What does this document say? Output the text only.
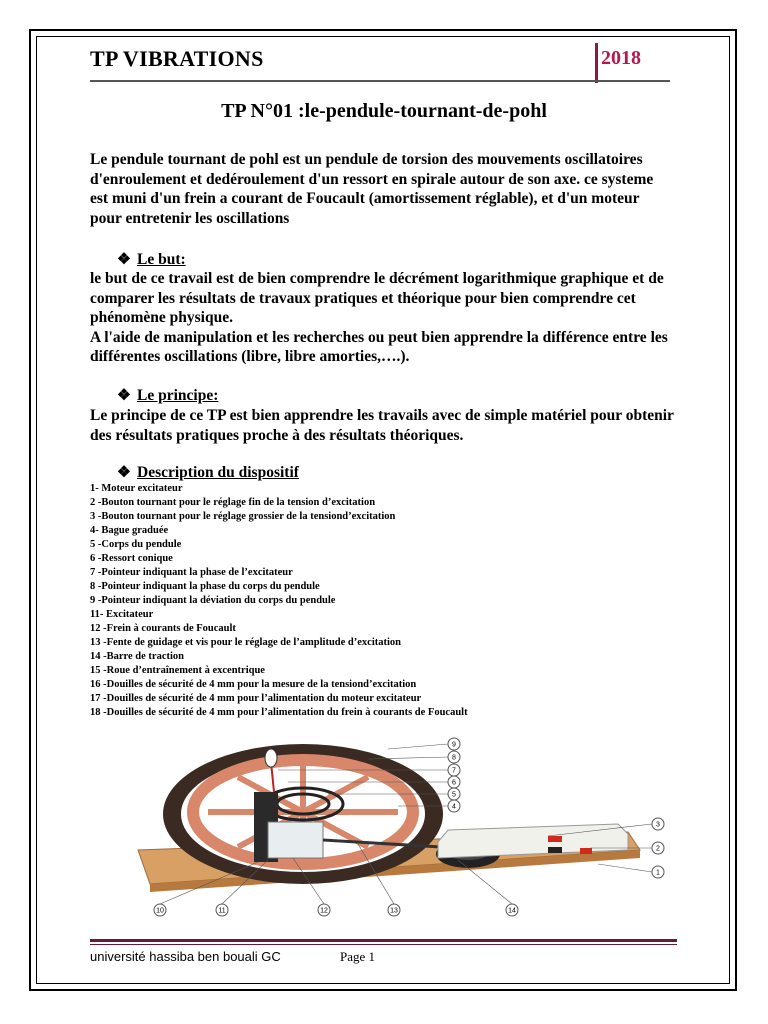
TP VIBRATIONS	2018
TP N°01 :le-pendule-tournant-de-pohl
Le pendule tournant de pohl est un pendule de torsion des mouvements oscillatoires d'enroulement et dedéroulement d'un ressort en spirale autour de son axe. ce systeme est muni d'un frein a courant de Foucault (amortissement réglable), et d'un moteur pour entretenir les oscillations
❖ Le but:

le but de ce travail est de bien comprendre le décrément logarithmique graphique et de comparer les résultats de travaux pratiques et théorique pour bien comprendre cet phénomène physique.

A l'aide de manipulation et les recherches ou peut bien apprendre la différence entre les différentes oscillations (libre, libre amorties,….).

❖ Le principe:
Le principe de ce TP est bien apprendre les travails avec de simple matériel pour obtenir des résultats pratiques proche à des résultats théoriques.
❖ Description du dispositif
1- Moteur excitateur
2 -Bouton tournant pour le réglage fin de la tension d’excitation
3 -Bouton tournant pour le réglage grossier de la tensiond’excitation
4- Bague graduée
5 -Corps du pendule
6 -Ressort conique
7 -Pointeur indiquant la phase de l’excitateur
8 -Pointeur indiquant la phase du corps du pendule
9 -Pointeur indiquant la déviation du corps du pendule
11- Excitateur
12 -Frein à courants de Foucault
13 -Fente de guidage et vis pour le réglage de l’amplitude d’excitation
14 -Barre de traction
15 -Roue d’entraînement à excentrique
16 -Douilles de sécurité de 4 mm pour la mesure de la tensiond’excitation
17 -Douilles de sécurité de 4 mm pour l’alimentation du moteur excitateur
18 -Douilles de sécurité de 4 mm pour l’alimentation du frein à courants de Foucault
9
8
7
6
5
4
3
2
1
10	11	12	13	14
université hassiba ben bouali GC	Page 1
